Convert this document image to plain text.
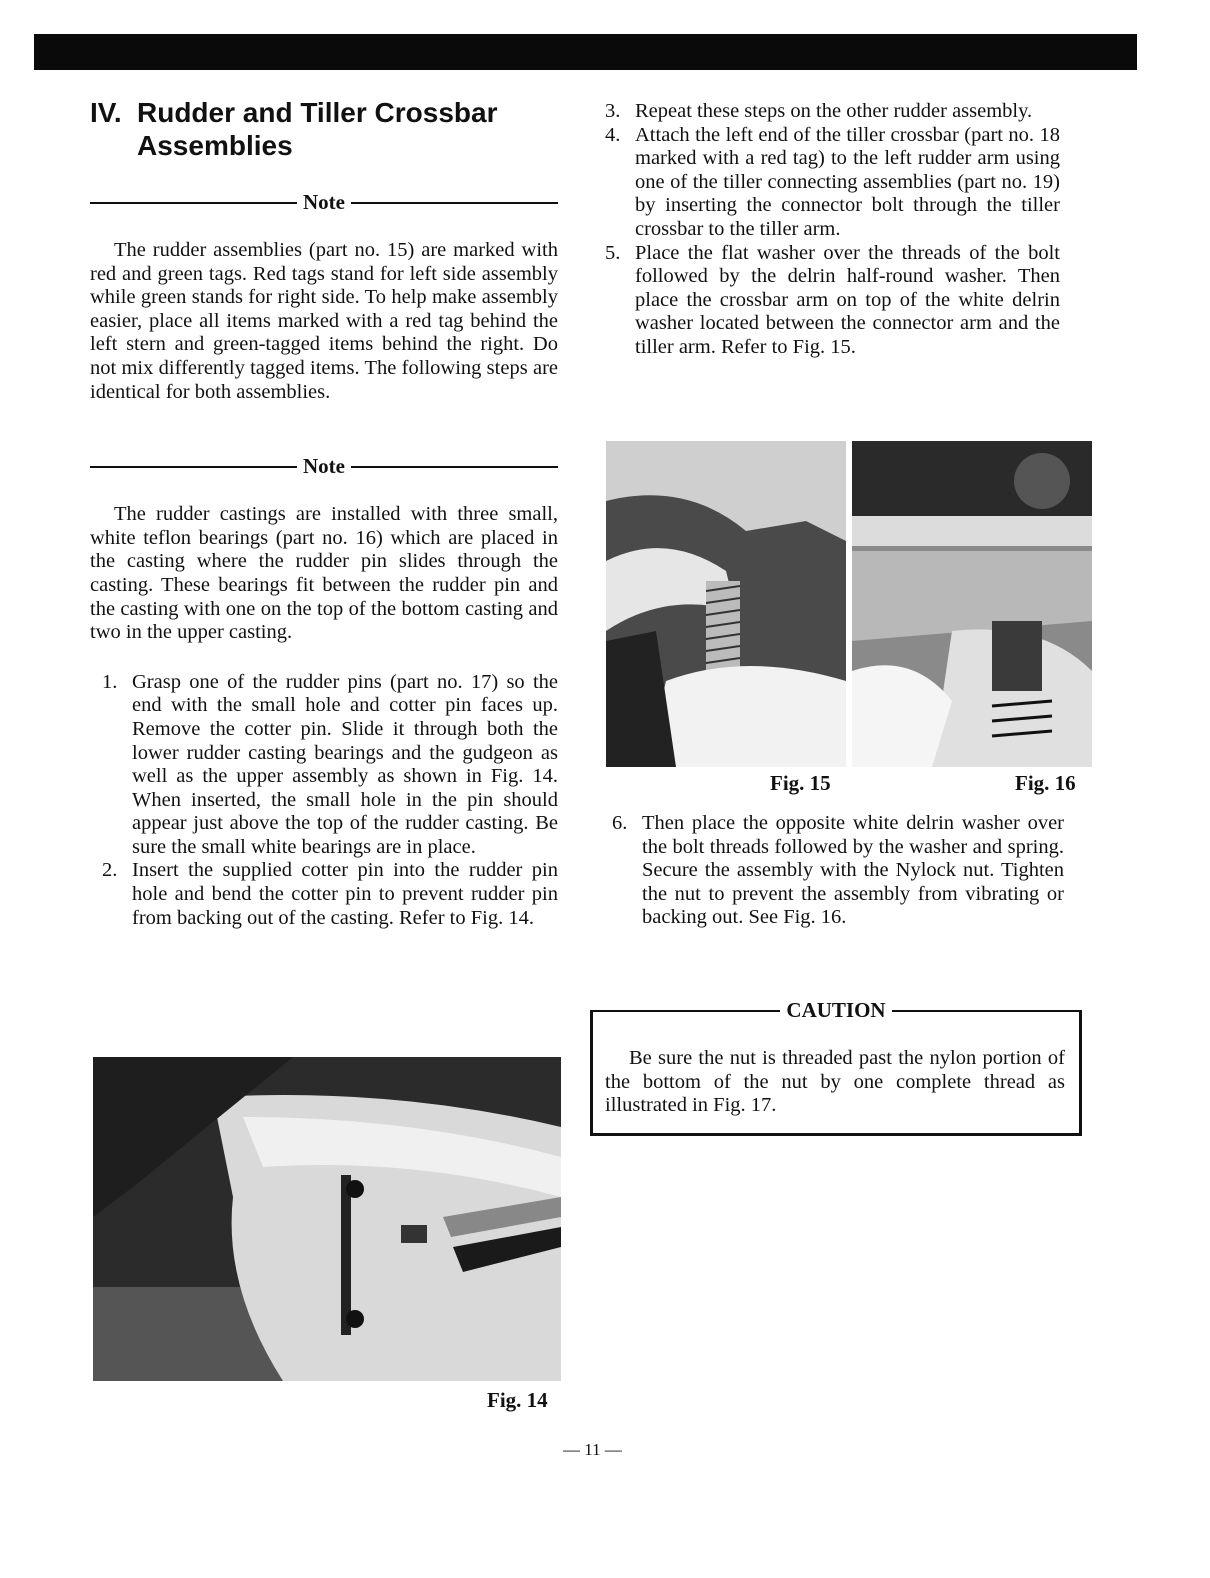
IV. Rudder and Tiller Crossbar Assemblies
Note

The rudder assemblies (part no. 15) are marked with red and green tags. Red tags stand for left side assembly while green stands for right side. To help make assembly easier, place all items marked with a red tag behind the left stern and green-tagged items behind the right. Do not mix differently tagged items. The following steps are identical for both assemblies.

Note

The rudder castings are installed with three small, white teflon bearings (part no. 16) which are placed in the casting where the rudder pin slides through the casting. These bearings fit between the rudder pin and the casting with one on the top of the bottom casting and two in the upper casting.

1. Grasp one of the rudder pins (part no. 17) so the end with the small hole and cotter pin faces up. Remove the cotter pin. Slide it through both the lower rudder casting bearings and the gudgeon as well as the upper assembly as shown in Fig. 14. When inserted, the small hole in the pin should appear just above the top of the rudder casting. Be sure the small white bearings are in place.
2. Insert the supplied cotter pin into the rudder pin hole and bend the cotter pin to prevent rudder pin from backing out of the casting. Refer to Fig. 14.
Fig. 14
3. Repeat these steps on the other rudder assembly.
4. Attach the left end of the tiller crossbar (part no. 18 marked with a red tag) to the left rudder arm using one of the tiller connecting assemblies (part no. 19) by inserting the connector bolt through the tiller crossbar to the tiller arm.
5. Place the flat washer over the threads of the bolt followed by the delrin half-round washer. Then place the crossbar arm on top of the white delrin washer located between the connector arm and the tiller arm. Refer to Fig. 15.
Fig. 15	Fig. 16
6. Then place the opposite white delrin washer over the bolt threads followed by the washer and spring. Secure the assembly with the Nylock nut. Tighten the nut to prevent the assembly from vibrating or backing out. See Fig. 16.
CAUTION

Be sure the nut is threaded past the nylon portion of the bottom of the nut by one complete thread as illustrated in Fig. 17.

— 11 —
